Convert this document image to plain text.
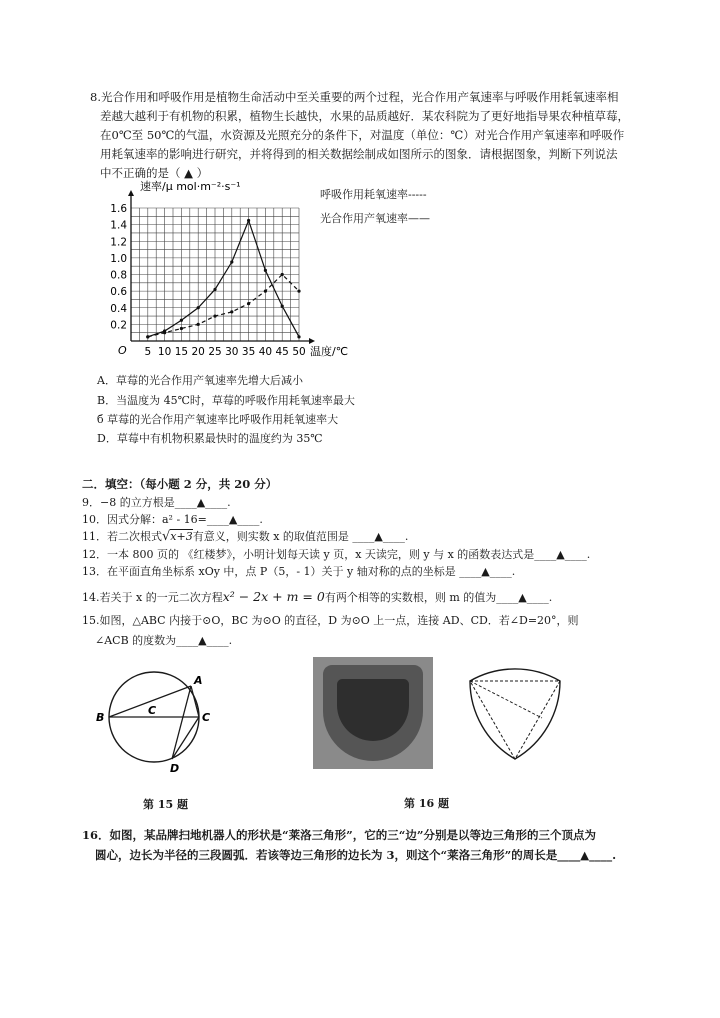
8.光合作用和呼吸作用是植物生命活动中至关重要的两个过程，光合作用产氧速率与呼吸作用耗氧速率相
差越大越利于有机物的积累，植物生长越快，水果的品质越好．某农科院为了更好地指导果农种植草莓，
在0℃至 50℃的气温，水资源及光照充分的条件下，对温度（单位：℃）对光合作用产氧速率和呼吸作
用耗氧速率的影响进行研究，并将得到的相关数据绘制成如图所示的图象．请根据图象，判断下列说法
中不正确的是（ ▲ ）
5 10 15 20 25 30 35 40 45 50
0.2
0.4
0.6
0.8
1.0
1.2
1.4
1.6
速率/μ mol·m⁻²·s⁻¹
温度/℃
O
呼吸作用耗氧速率-----
光合作用产氧速率——
A．草莓的光合作用产氧速率先增大后减小
B．当温度为 45℃时，草莓的呼吸作用耗氧速率最大
б 草莓的光合作用产氧速率比呼吸作用耗氧速率大
D．草莓中有机物积累最快时的温度约为 35℃
二．填空：（每小题 2 分，共 20 分）
9．−8 的立方根是____▲____.
10．因式分解：a² - 16=____▲____.
11．若二次根式√x+3有意义，则实数 x 的取值范围是 ____▲____.
12．一本 800 页的 《红楼梦》，小明计划每天读 y 页，x 天读完，则 y 与 x 的函数表达式是____▲____.
13．在平面直角坐标系 xOy 中，点 P（5，- 1）关于 y 轴对称的点的坐标是 ____▲____.
14.若关于 x 的一元二次方程x² − 2x + m = 0有两个相等的实数根，则 m 的值为____▲____.
15.如图，△ABC 内接于⊙O，BC 为⊙O 的直径，D 为⊙O 上一点，连接 AD、CD．若∠D=20°，则
∠ACB 的度数为____▲____.
A
B	C
C
D
第 15 题	第 16 题
16．如图，某品牌扫地机器人的形状是“莱洛三角形”，它的三“边”分别是以等边三角形的三个顶点为
圆心，边长为半径的三段圆弧．若该等边三角形的边长为 3，则这个“莱洛三角形”的周长是____▲____.
